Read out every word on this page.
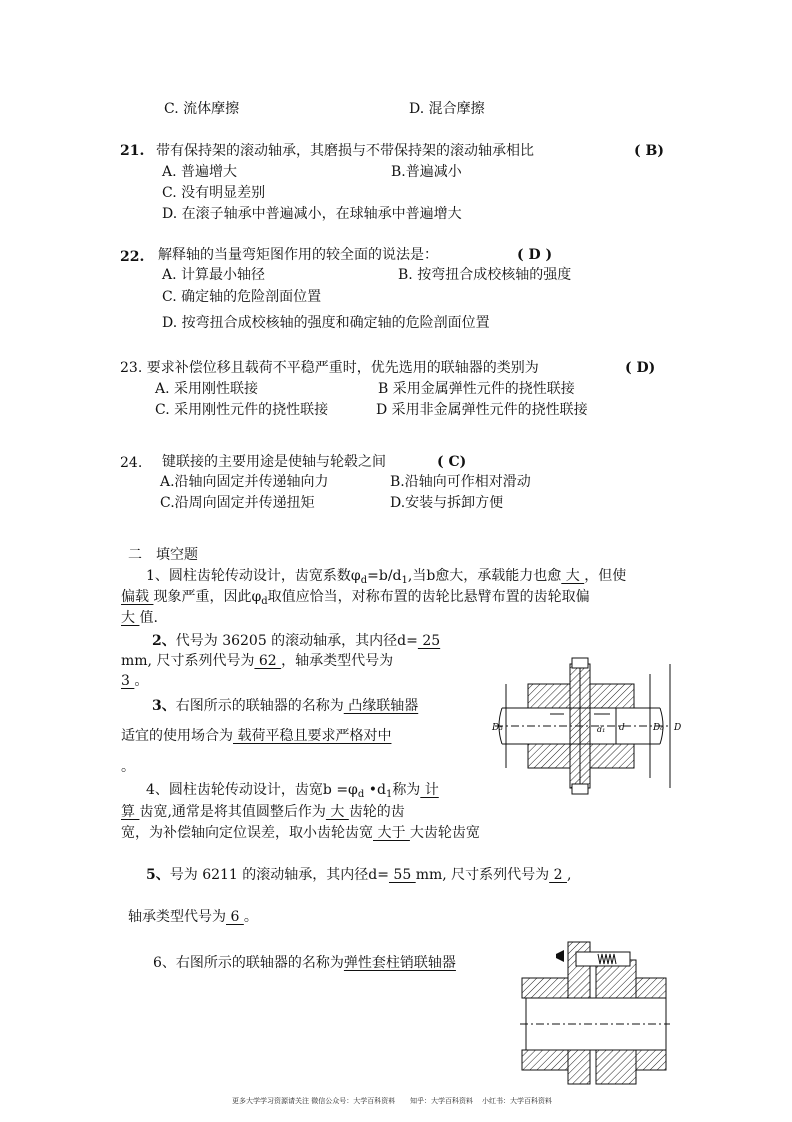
C. 流体摩擦	D. 混合摩擦
21. 带有保持架的滚动轴承，其磨损与不带保持架的滚动轴承相比	( B)
A. 普遍增大	B.普遍减小
C. 没有明显差别
D. 在滚子轴承中普遍减小，在球轴承中普遍增大
22. 解释轴的当量弯矩图作用的较全面的说法是：	( D )
A. 计算最小轴径	B. 按弯扭合成校核轴的强度
C. 确定轴的危险剖面位置
D. 按弯扭合成校核轴的强度和确定轴的危险剖面位置
23. 要求补偿位移且载荷不平稳严重时，优先选用的联轴器的类别为	( D)
A. 采用刚性联接	B 采用金属弹性元件的挠性联接
C. 采用刚性元件的挠性联接	D 采用非金属弹性元件的挠性联接
24. 键联接的主要用途是使轴与轮毂之间	( C)
A.沿轴向固定并传递轴向力	B.沿轴向可作相对滑动
C.沿周向固定并传递扭矩	D.安装与拆卸方便
二　填空题
1、圆柱齿轮传动设计，齿宽系数$\varphi_d=b/d_1$,当b愈大，承载能力也愈 大 ，但使
偏载 现象严重，因此$\varphi_d$取值应恰当，对称布置的齿轮比悬臂布置的齿轮取偏
大 值.
2、代号为 36205 的滚动轴承，其内径d= 25
mm, 尺寸系列代号为 62 ，轴承类型代号为
3 。
3、右图所示的联轴器的名称为 凸缘联轴器
适宜的使用场合为 载荷平稳且要求严格对中
。
4、圆柱齿轮传动设计，齿宽$b =\varphi_d$ $•d_1$称为 计
算 齿宽,通常是将其值圆整后作为 大 齿轮的齿
宽，为补偿轴向定位误差，取小齿轮齿宽 大于 大齿轮齿宽
5、号为 6211 的滚动轴承，其内径d= 55 mm, 尺寸系列代号为 2 ,
轴承类型代号为 6 。
6、右图所示的联轴器的名称为弹性套柱销联轴器
D₃	d₁ d	D₀ D
更多大学学习资源请关注 微信公众号：大学百科资料 知乎：大学百科资料 小红书：大学百科资料
